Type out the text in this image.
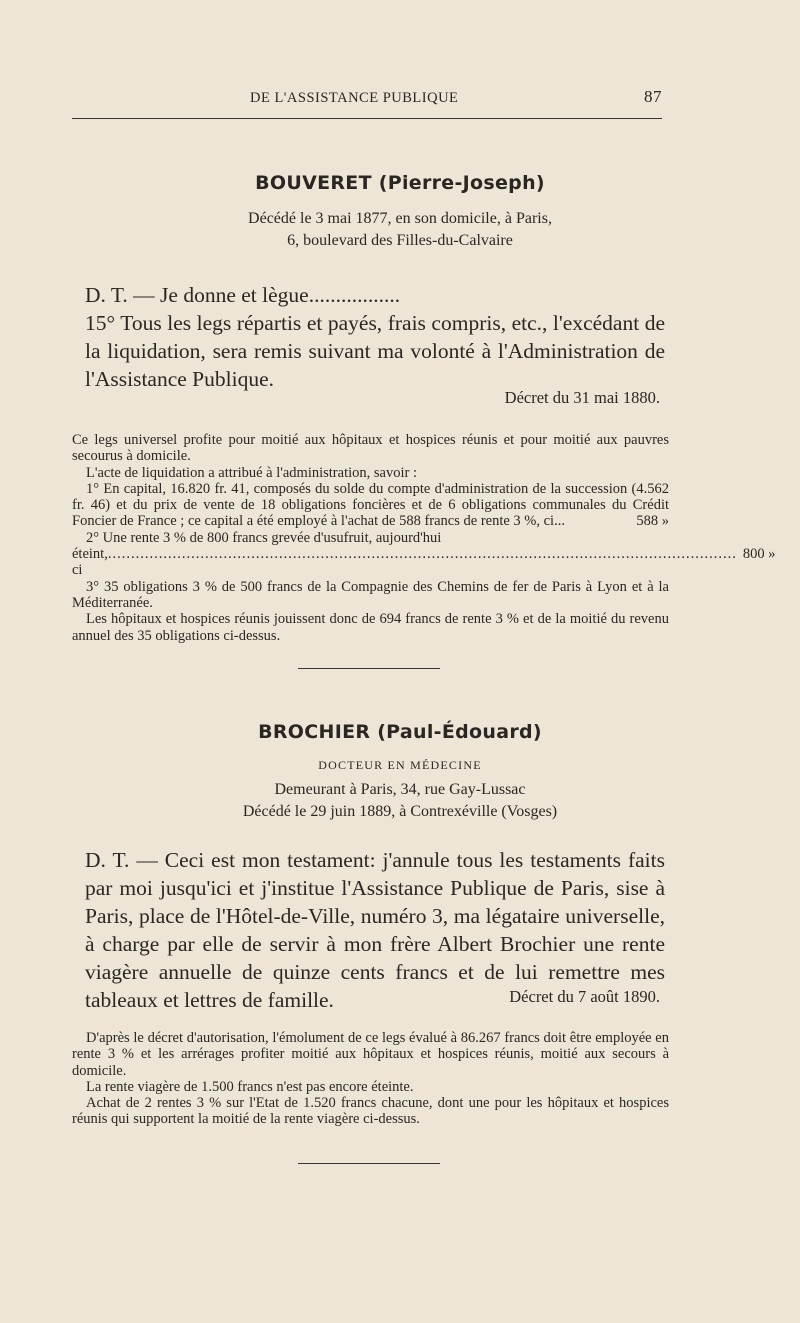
DE L'ASSISTANCE PUBLIQUE	87
BOUVERET (Pierre-Joseph)
Décédé le 3 mai 1877, en son domicile, à Paris,
6, boulevard des Filles-du-Calvaire

D. T. — Je donne et lègue.................

15° Tous les legs répartis et payés, frais compris, etc., l'excédant de la liquidation, sera remis suivant ma volonté à l'Administration de l'Assistance Publique.

Décret du 31 mai 1880.

Ce legs universel profite pour moitié aux hôpitaux et hospices réunis et pour moitié aux pauvres secourus à domicile.

L'acte de liquidation a attribué à l'administration, savoir :

1° En capital, 16.820 fr. 41, composés du solde du compte d'administration de la succession (4.562 fr. 46) et du prix de vente de 18 obligations foncières et de 6 obligations communales du Crédit Foncier de France ; ce capital a été employé à l'achat de 588 francs de rente 3 %, ci...	588 »

2° Une rente 3 % de 800 francs grevée d'usufruit, aujourd'hui

éteint, ci
........................................................................................................................................ 800 »

3° 35 obligations 3 % de 500 francs de la Compagnie des Chemins de fer de Paris à Lyon et à la Méditerranée.

Les hôpitaux et hospices réunis jouissent donc de 694 francs de rente 3 % et de la moitié du revenu annuel des 35 obligations ci-dessus.

BROCHIER (Paul-Édouard)
DOCTEUR EN MÉDECINE
Demeurant à Paris, 34, rue Gay-Lussac
Décédé le 29 juin 1889, à Contrexéville (Vosges)

D. T. — Ceci est mon testament: j'annule tous les testaments faits par moi jusqu'ici et j'institue l'Assistance Publique de Paris, sise à Paris, place de l'Hôtel-de-Ville, numéro 3, ma légataire universelle, à charge par elle de servir à mon frère Albert Brochier une rente viagère annuelle de quinze cents francs et de lui remettre mes tableaux et lettres de famille.	Décret du 7 août 1890.

D'après le décret d'autorisation, l'émolument de ce legs évalué à 86.267 francs doit être employée en rente 3 % et les arrérages profiter moitié aux hôpitaux et hospices réunis, moitié aux secours à domicile.

La rente viagère de 1.500 francs n'est pas encore éteinte.

Achat de 2 rentes 3 % sur l'Etat de 1.520 francs chacune, dont une pour les hôpitaux et hospices réunis qui supportent la moitié de la rente viagère ci-dessus.
